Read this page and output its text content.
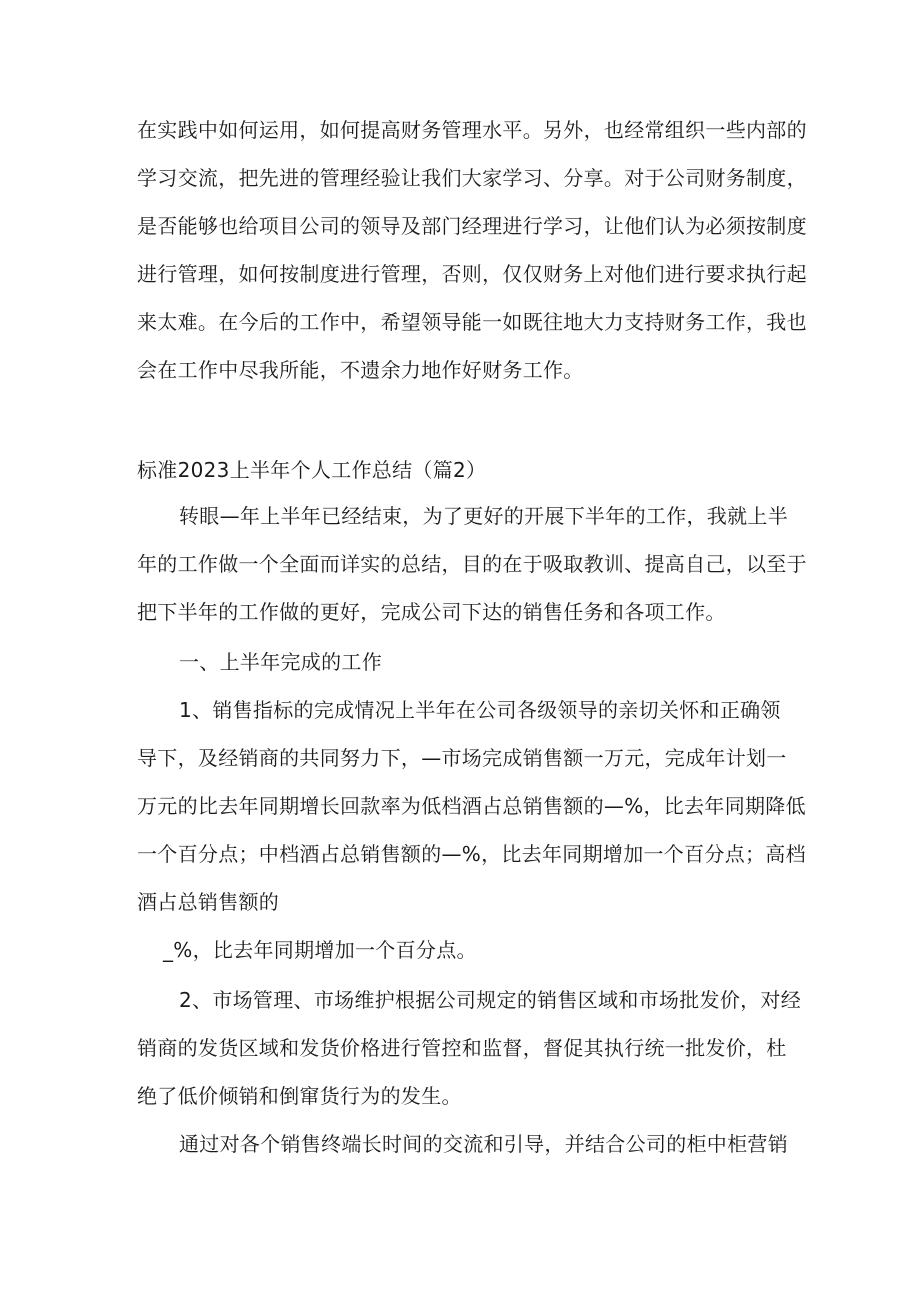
在实践中如何运用，如何提高财务管理水平。另外，也经常组织一些内部的
学习交流，把先进的管理经验让我们大家学习、分享。对于公司财务制度，
是否能够也给项目公司的领导及部门经理进行学习，让他们认为必须按制度
进行管理，如何按制度进行管理，否则，仅仅财务上对他们进行要求执行起
来太难。在今后的工作中，希望领导能一如既往地大力支持财务工作，我也
会在工作中尽我所能，不遗余力地作好财务工作。
标准2023上半年个人工作总结（篇2）
转眼—年上半年已经结束，为了更好的开展下半年的工作，我就上半
年的工作做一个全面而详实的总结，目的在于吸取教训、提高自己，以至于
把下半年的工作做的更好，完成公司下达的销售任务和各项工作。
一、上半年完成的工作
1、销售指标的完成情况上半年在公司各级领导的亲切关怀和正确领
导下，及经销商的共同努力下，—市场完成销售额一万元，完成年计划一
万元的比去年同期增长回款率为低档酒占总销售额的—%，比去年同期降低
一个百分点；中档酒占总销售额的—%，比去年同期增加一个百分点；高档
酒占总销售额的
_%，比去年同期增加一个百分点。
2、市场管理、市场维护根据公司规定的销售区域和市场批发价，对经
销商的发货区域和发货价格进行管控和监督，督促其执行统一批发价，杜
绝了低价倾销和倒窜货行为的发生。
通过对各个销售终端长时间的交流和引导，并结合公司的柜中柜营销
